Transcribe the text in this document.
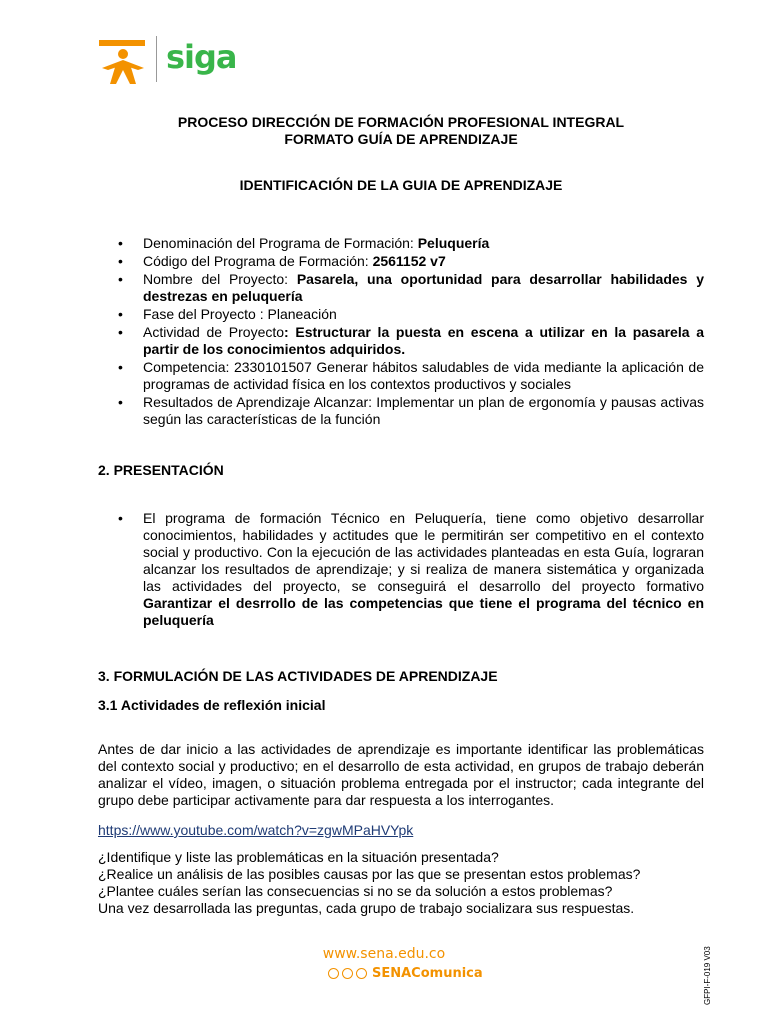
siga
PROCESO DIRECCIÓN DE FORMACIÓN PROFESIONAL INTEGRAL
FORMATO GUÍA DE APRENDIZAJE
IDENTIFICACIÓN DE LA GUIA DE APRENDIZAJE
• Denominación del Programa de Formación: Peluquería
• Código del Programa de Formación: 2561152 v7
• Nombre del Proyecto: Pasarela, una oportunidad para desarrollar habilidades y destrezas en peluquería
• Fase del Proyecto : Planeación
• Actividad de Proyecto: Estructurar la puesta en escena a utilizar en la pasarela a partir de los conocimientos adquiridos.
• Competencia: 2330101507 Generar hábitos saludables de vida mediante la aplicación de programas de actividad física en los contextos productivos y sociales
• Resultados de Aprendizaje Alcanzar: Implementar un plan de ergonomía y pausas activas según las características de la función
2. PRESENTACIÓN
• El programa de formación Técnico en Peluquería, tiene como objetivo desarrollar conocimientos, habilidades y actitudes que le permitirán ser competitivo en el contexto social y productivo. Con la ejecución de las actividades planteadas en esta Guía, lograran alcanzar los resultados de aprendizaje; y si realiza de manera sistemática y organizada las actividades del proyecto, se conseguirá el desarrollo del proyecto formativo Garantizar el desrrollo de las competencias que tiene el programa del técnico en peluquería
3. FORMULACIÓN DE LAS ACTIVIDADES DE APRENDIZAJE
3.1 Actividades de reflexión inicial
Antes de dar inicio a las actividades de aprendizaje es importante identificar las problemáticas del contexto social y productivo; en el desarrollo de esta actividad, en grupos de trabajo deberán analizar el vídeo, imagen, o situación problema entregada por el instructor; cada integrante del grupo debe participar activamente para dar respuesta a los interrogantes.
https://www.youtube.com/watch?v=zgwMPaHVYpk
¿Identifique y liste las problemáticas en la situación presentada?
¿Realice un análisis de las posibles causas por las que se presentan estos problemas?
¿Plantee cuáles serían las consecuencias si no se da solución a estos problemas?
Una vez desarrollada las preguntas, cada grupo de trabajo socializara sus respuestas.
www.sena.edu.co
SENAComunica	GFPI-F-019 V03
